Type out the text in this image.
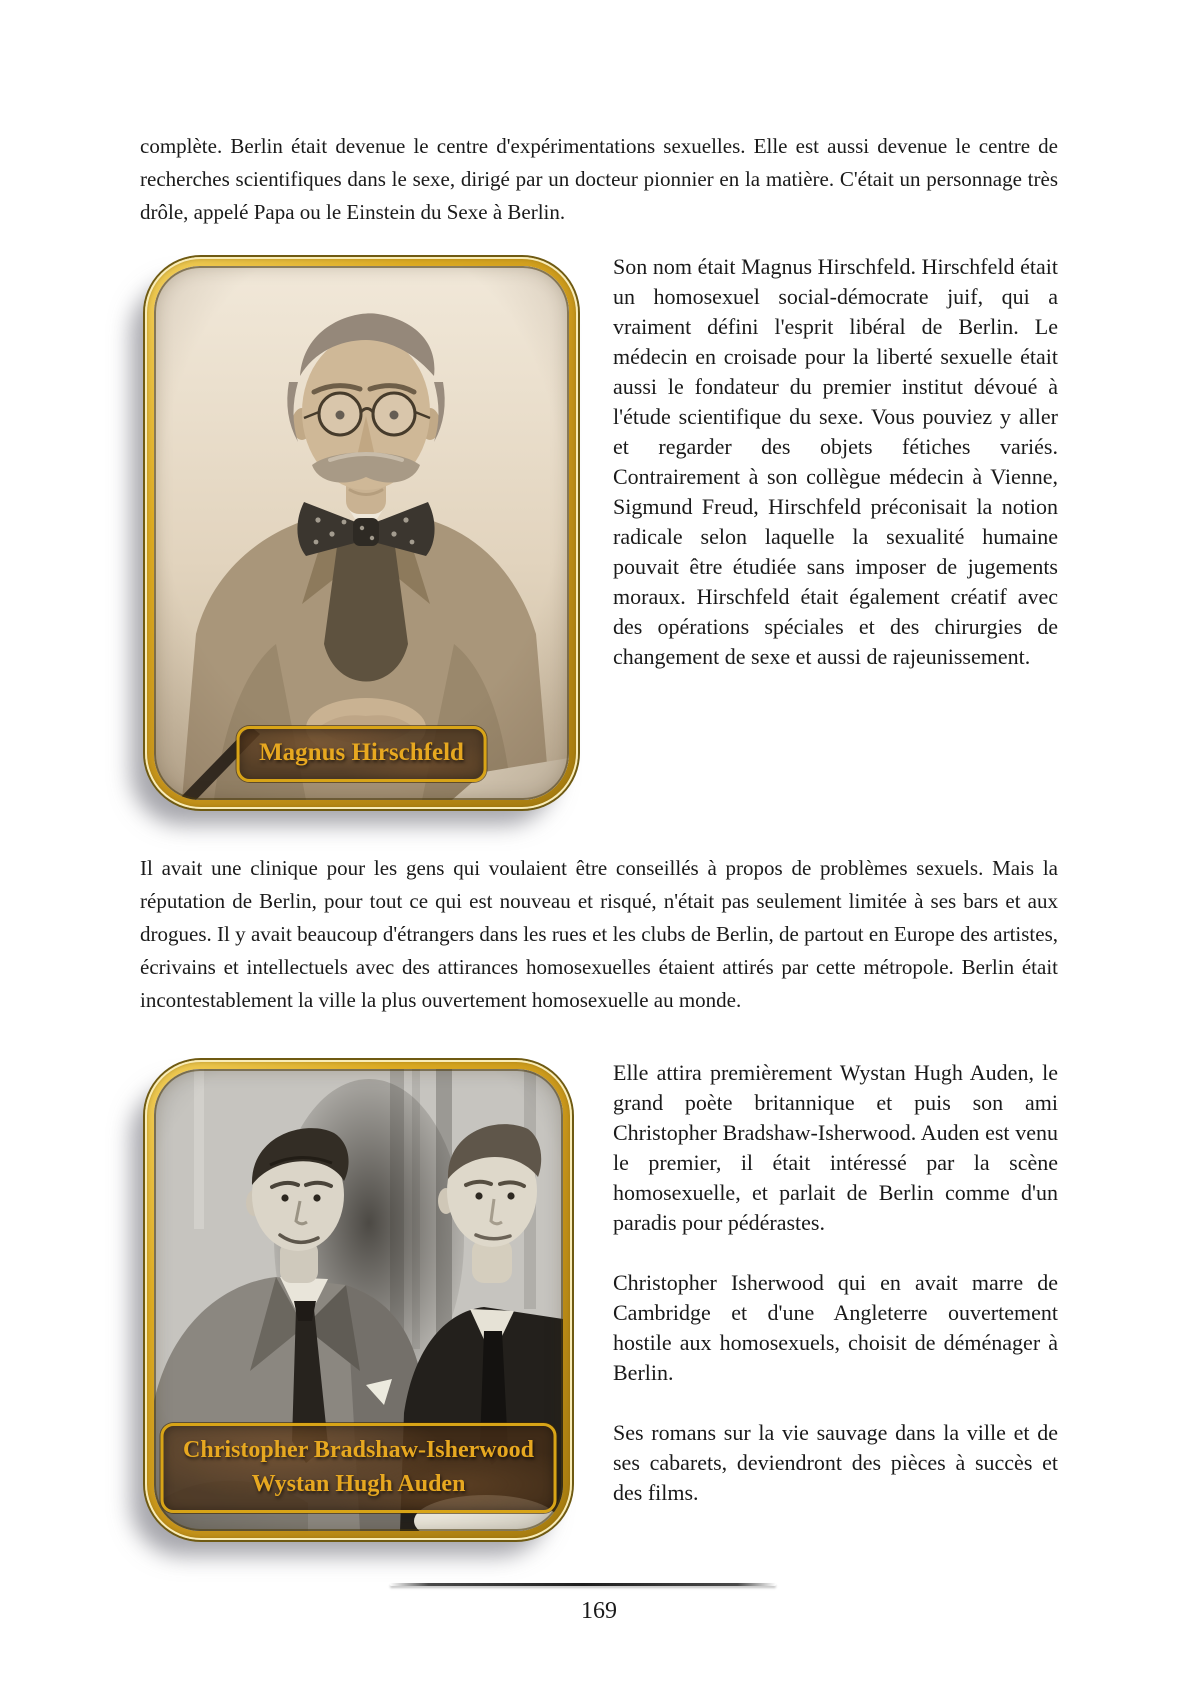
complète. Berlin était devenue le centre d'expérimentations sexuelles. Elle est aussi devenue le centre de recherches scientifiques dans le sexe, dirigé par un docteur pionnier en la matière. C'était un personnage très drôle, appelé Papa ou le Einstein du Sexe à Berlin.

Magnus Hirschfeld

Son nom était Magnus Hirschfeld. Hirschfeld était un homosexuel social-démocrate juif, qui a vraiment défini l'esprit libéral de Berlin. Le médecin en croisade pour la liberté sexuelle était aussi le fondateur du premier institut dévoué à l'étude scientifique du sexe. Vous pouviez y aller et regarder des objets fétiches variés. Contrairement à son collègue médecin à Vienne, Sigmund Freud, Hirschfeld préconisait la notion radicale selon laquelle la sexualité humaine pouvait être étudiée sans imposer de jugements moraux. Hirschfeld était également créatif avec des opérations spéciales et des chirurgies de changement de sexe et aussi de rajeunissement.

Il avait une clinique pour les gens qui voulaient être conseillés à propos de problèmes sexuels. Mais la réputation de Berlin, pour tout ce qui est nouveau et risqué, n'était pas seulement limitée à ses bars et aux drogues. Il y avait beaucoup d'étrangers dans les rues et les clubs de Berlin, de partout en Europe des artistes, écrivains et intellectuels avec des attirances homosexuelles étaient attirés par cette métropole. Berlin était incontestablement la ville la plus ouvertement homosexuelle au monde.

Christopher Bradshaw-Isherwood
Wystan Hugh Auden

Elle attira premièrement Wystan Hugh Auden, le grand poète britannique et puis son ami Christopher Bradshaw-Isherwood. Auden est venu le premier, il était intéressé par la scène homosexuelle, et parlait de Berlin comme d'un paradis pour pédérastes.

Christopher Isherwood qui en avait marre de Cambridge et d'une Angleterre ouvertement hostile aux homosexuels, choisit de déménager à Berlin.

Ses romans sur la vie sauvage dans la ville et de ses cabarets, deviendront des pièces à succès et des films.

169
